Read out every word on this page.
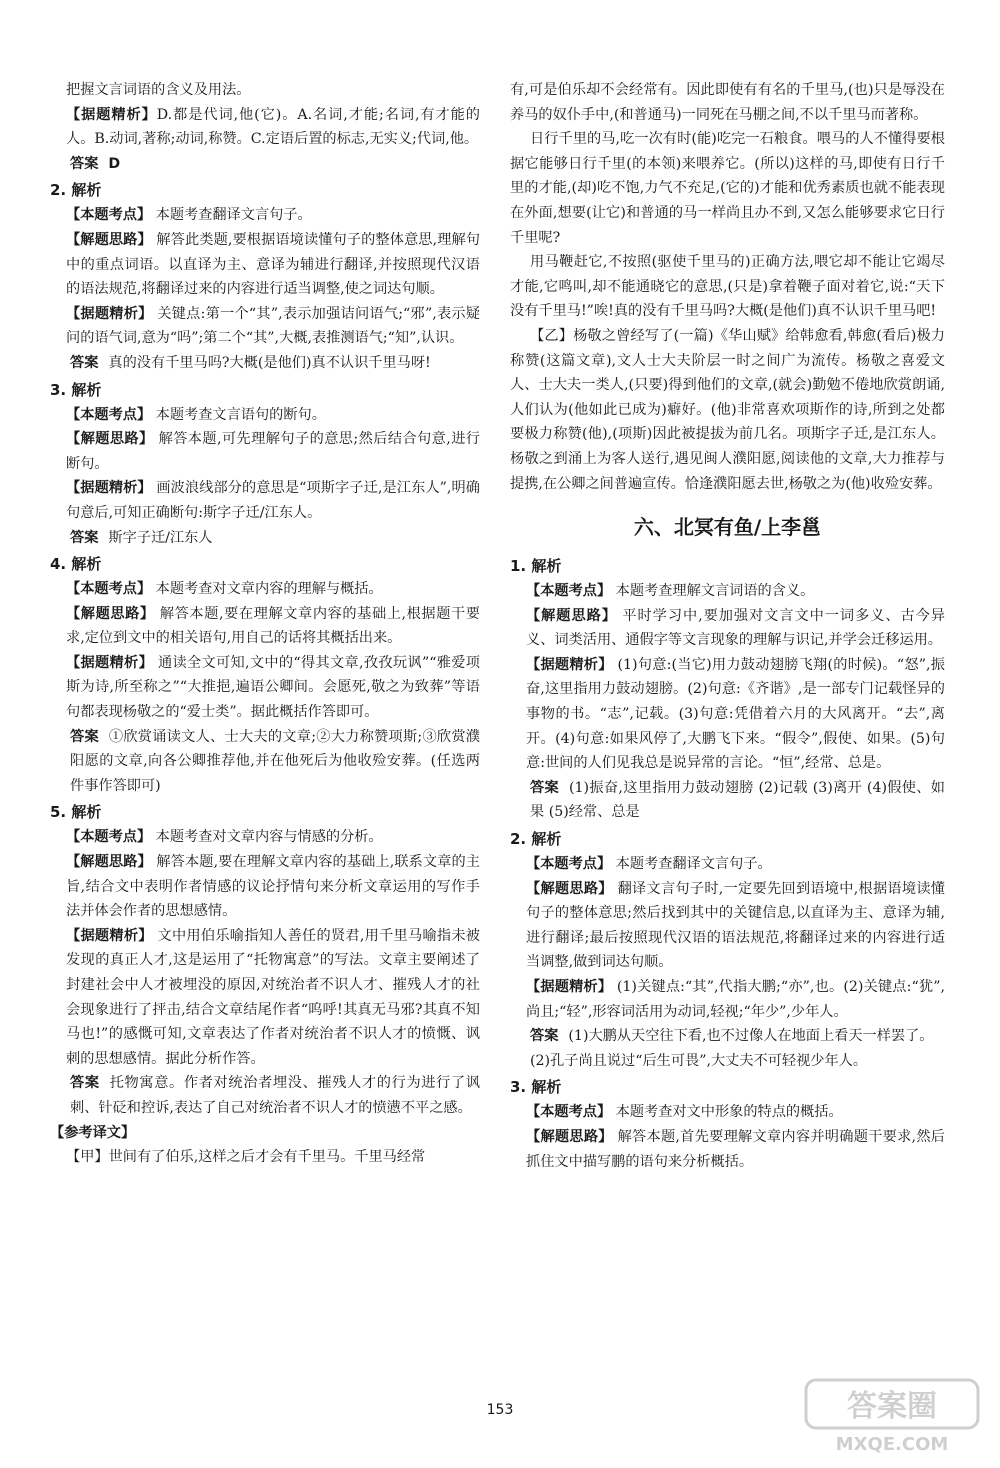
把握文言词语的含义及用法。

【据题精析】D.都是代词,他(它)。A.名词,才能;名词,有才能的人。B.动词,著称;动词,称赞。C.定语后置的标志,无实义;代词,他。

答案 D

2. 解析

【本题考点】 本题考查翻译文言句子。

【解题思路】 解答此类题,要根据语境读懂句子的整体意思,理解句中的重点词语。以直译为主、意译为辅进行翻译,并按照现代汉语的语法规范,将翻译过来的内容进行适当调整,使之词达句顺。

【据题精析】 关键点:第一个“其”,表示加强诘问语气;“邪”,表示疑问的语气词,意为“吗”;第二个“其”,大概,表推测语气;“知”,认识。

答案 真的没有千里马吗?大概(是他们)真不认识千里马呀!

3. 解析

【本题考点】 本题考查文言语句的断句。

【解题思路】 解答本题,可先理解句子的意思;然后结合句意,进行断句。

【据题精析】 画波浪线部分的意思是“项斯字子迁,是江东人”,明确句意后,可知正确断句:斯字子迁/江东人。

答案 斯字子迁/江东人

4. 解析

【本题考点】 本题考查对文章内容的理解与概括。

【解题思路】 解答本题,要在理解文章内容的基础上,根据题干要求,定位到文中的相关语句,用自己的话将其概括出来。

【据题精析】 通读全文可知,文中的“得其文章,孜孜玩讽”“雅爱项斯为诗,所至称之”“大推挹,遍语公卿间。会愿死,敬之为致葬”等语句都表现杨敬之的“爱士类”。据此概括作答即可。

答案 ①欣赏诵读文人、士大夫的文章;②大力称赞项斯;③欣赏濮阳愿的文章,向各公卿推荐他,并在他死后为他收殓安葬。(任选两件事作答即可)

5. 解析

【本题考点】 本题考查对文章内容与情感的分析。

【解题思路】 解答本题,要在理解文章内容的基础上,联系文章的主旨,结合文中表明作者情感的议论抒情句来分析文章运用的写作手法并体会作者的思想感情。

【据题精析】 文中用伯乐喻指知人善任的贤君,用千里马喻指未被发现的真正人才,这是运用了“托物寓意”的写法。文章主要阐述了封建社会中人才被埋没的原因,对统治者不识人才、摧残人才的社会现象进行了抨击,结合文章结尾作者“呜呼!其真无马邪?其真不知马也!”的感慨可知,文章表达了作者对统治者不识人才的愤慨、讽刺的思想感情。据此分析作答。

答案 托物寓意。作者对统治者埋没、摧残人才的行为进行了讽刺、针砭和控诉,表达了自己对统治者不识人才的愤懑不平之感。

【参考译文】

【甲】世间有了伯乐,这样之后才会有千里马。千里马经常

有,可是伯乐却不会经常有。因此即使有有名的千里马,(也)只是辱没在养马的奴仆手中,(和普通马)一同死在马棚之间,不以千里马而著称。

日行千里的马,吃一次有时(能)吃完一石粮食。喂马的人不懂得要根据它能够日行千里(的本领)来喂养它。(所以)这样的马,即使有日行千里的才能,(却)吃不饱,力气不充足,(它的)才能和优秀素质也就不能表现在外面,想要(让它)和普通的马一样尚且办不到,又怎么能够要求它日行千里呢?

用马鞭赶它,不按照(驱使千里马的)正确方法,喂它却不能让它竭尽才能,它鸣叫,却不能通晓它的意思,(只是)拿着鞭子面对着它,说:“天下没有千里马!”唉!真的没有千里马吗?大概(是他们)真不认识千里马吧!

【乙】杨敬之曾经写了(一篇)《华山赋》给韩愈看,韩愈(看后)极力称赞(这篇文章),文人士大夫阶层一时之间广为流传。杨敬之喜爱文人、士大夫一类人,(只要)得到他们的文章,(就会)勤勉不倦地欣赏朗诵,人们认为(他如此已成为)癖好。(他)非常喜欢项斯作的诗,所到之处都要极力称赞(他),(项斯)因此被提拔为前几名。项斯字子迁,是江东人。杨敬之到涌上为客人送行,遇见闽人濮阳愿,阅读他的文章,大力推荐与提携,在公卿之间普遍宣传。恰逢濮阳愿去世,杨敬之为(他)收殓安葬。

六、北冥有鱼/上李邕

1. 解析

【本题考点】 本题考查理解文言词语的含义。

【解题思路】 平时学习中,要加强对文言文中一词多义、古今异义、词类活用、通假字等文言现象的理解与识记,并学会迁移运用。

【据题精析】 (1)句意:(当它)用力鼓动翅膀飞翔(的时候)。“怒”,振奋,这里指用力鼓动翅膀。(2)句意:《齐谐》,是一部专门记载怪异的事物的书。“志”,记载。(3)句意:凭借着六月的大风离开。“去”,离开。(4)句意:如果风停了,大鹏飞下来。“假令”,假使、如果。(5)句意:世间的人们见我总是说异常的言论。“恒”,经常、总是。

答案 (1)振奋,这里指用力鼓动翅膀 (2)记载 (3)离开 (4)假使、如果 (5)经常、总是

2. 解析

【本题考点】 本题考查翻译文言句子。

【解题思路】 翻译文言句子时,一定要先回到语境中,根据语境读懂句子的整体意思;然后找到其中的关键信息,以直译为主、意译为辅,进行翻译;最后按照现代汉语的语法规范,将翻译过来的内容进行适当调整,做到词达句顺。

【据题精析】 (1)关键点:“其”,代指大鹏;“亦”,也。(2)关键点:“犹”,尚且;“轻”,形容词活用为动词,轻视;“年少”,少年人。

答案 (1)大鹏从天空往下看,也不过像人在地面上看天一样罢了。

(2)孔子尚且说过“后生可畏”,大丈夫不可轻视少年人。

3. 解析

【本题考点】 本题考查对文中形象的特点的概括。

【解题思路】 解答本题,首先要理解文章内容并明确题干要求,然后抓住文中描写鹏的语句来分析概括。

153	答案圈
MXQE.COM
